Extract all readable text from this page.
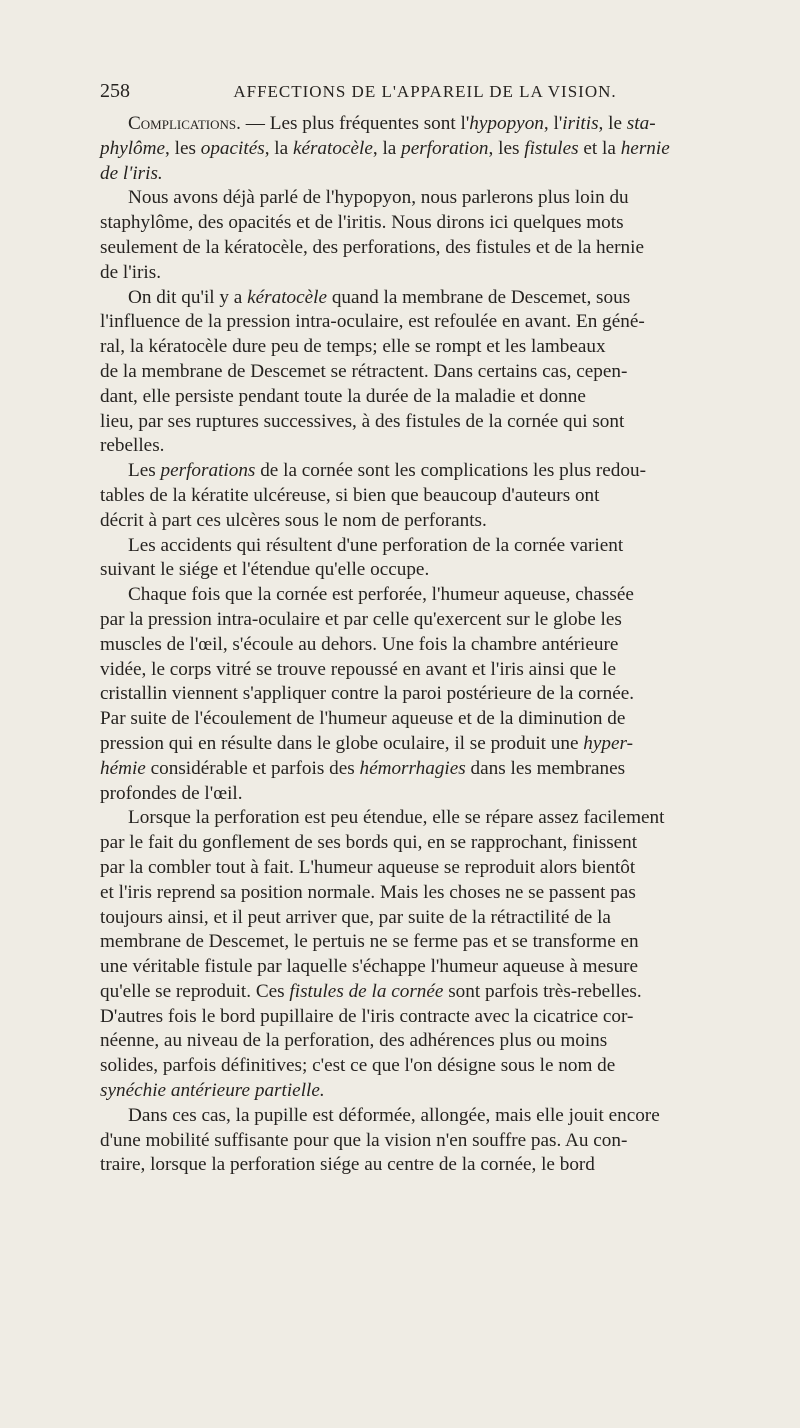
258	AFFECTIONS DE L'APPAREIL DE LA VISION.
Complications. — Les plus fréquentes sont l'hypopyon, l'iritis, le sta-
phylôme, les opacités, la kératocèle, la perforation, les fistules et la hernie
de l'iris.
Nous avons déjà parlé de l'hypopyon, nous parlerons plus loin du
staphylôme, des opacités et de l'iritis. Nous dirons ici quelques mots
seulement de la kératocèle, des perforations, des fistules et de la hernie
de l'iris.
On dit qu'il y a kératocèle quand la membrane de Descemet, sous
l'influence de la pression intra-oculaire, est refoulée en avant. En géné-
ral, la kératocèle dure peu de temps; elle se rompt et les lambeaux
de la membrane de Descemet se rétractent. Dans certains cas, cepen-
dant, elle persiste pendant toute la durée de la maladie et donne
lieu, par ses ruptures successives, à des fistules de la cornée qui sont
rebelles.
Les perforations de la cornée sont les complications les plus redou-
tables de la kératite ulcéreuse, si bien que beaucoup d'auteurs ont
décrit à part ces ulcères sous le nom de perforants.
Les accidents qui résultent d'une perforation de la cornée varient
suivant le siége et l'étendue qu'elle occupe.
Chaque fois que la cornée est perforée, l'humeur aqueuse, chassée
par la pression intra-oculaire et par celle qu'exercent sur le globe les
muscles de l'œil, s'écoule au dehors. Une fois la chambre antérieure
vidée, le corps vitré se trouve repoussé en avant et l'iris ainsi que le
cristallin viennent s'appliquer contre la paroi postérieure de la cornée.
Par suite de l'écoulement de l'humeur aqueuse et de la diminution de
pression qui en résulte dans le globe oculaire, il se produit une hyper-
hémie considérable et parfois des hémorrhagies dans les membranes
profondes de l'œil.
Lorsque la perforation est peu étendue, elle se répare assez facilement
par le fait du gonflement de ses bords qui, en se rapprochant, finissent
par la combler tout à fait. L'humeur aqueuse se reproduit alors bientôt
et l'iris reprend sa position normale. Mais les choses ne se passent pas
toujours ainsi, et il peut arriver que, par suite de la rétractilité de la
membrane de Descemet, le pertuis ne se ferme pas et se transforme en
une véritable fistule par laquelle s'échappe l'humeur aqueuse à mesure
qu'elle se reproduit. Ces fistules de la cornée sont parfois très-rebelles.
D'autres fois le bord pupillaire de l'iris contracte avec la cicatrice cor-
néenne, au niveau de la perforation, des adhérences plus ou moins
solides, parfois définitives; c'est ce que l'on désigne sous le nom de
synéchie antérieure partielle.
Dans ces cas, la pupille est déformée, allongée, mais elle jouit encore
d'une mobilité suffisante pour que la vision n'en souffre pas. Au con-
traire, lorsque la perforation siége au centre de la cornée, le bord
